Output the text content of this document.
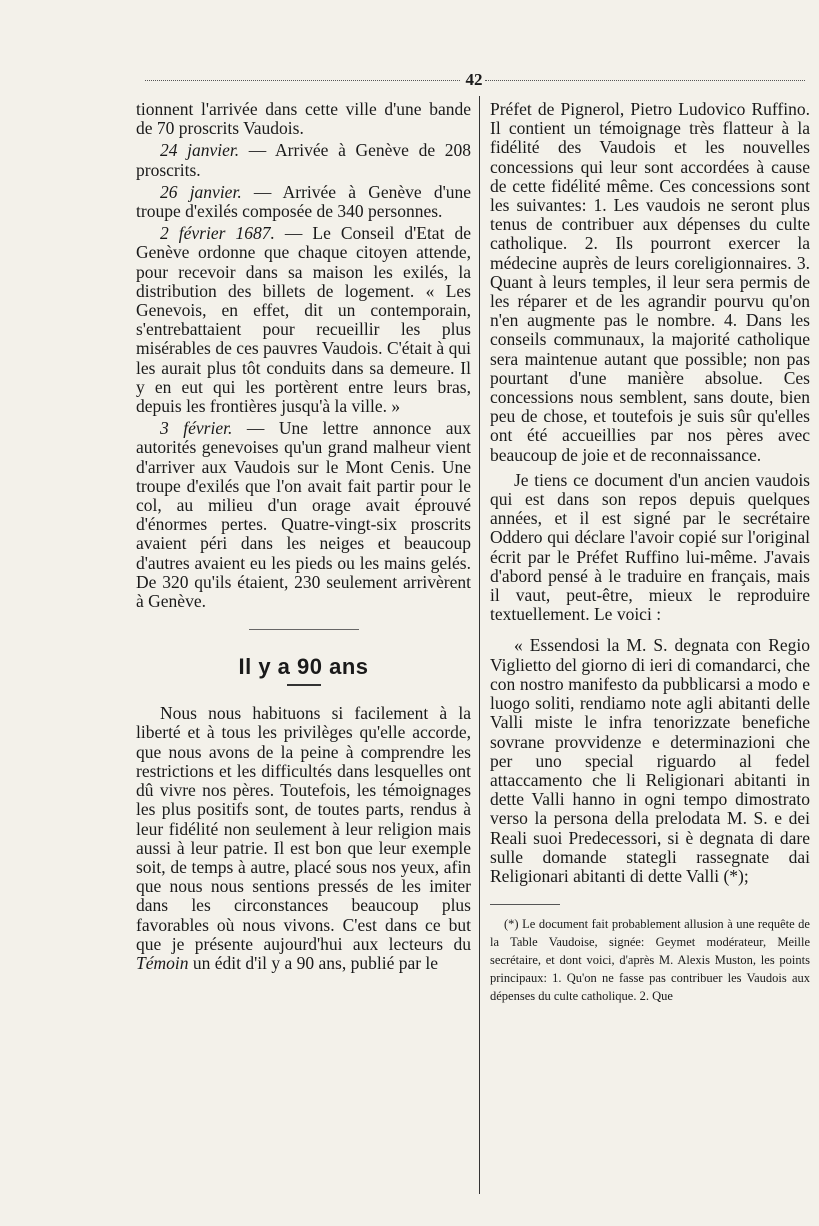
42

tionnent l'arrivée dans cette ville d'une bande de 70 proscrits Vaudois.

24 janvier. — Arrivée à Genève de 208 proscrits.

26 janvier. — Arrivée à Genève d'une troupe d'exilés composée de 340 personnes.

2 février 1687. — Le Conseil d'Etat de Genève ordonne que chaque citoyen attende, pour recevoir dans sa maison les exilés, la distribution des billets de logement. « Les Genevois, en effet, dit un contemporain, s'entrebattaient pour recueillir les plus misérables de ces pauvres Vaudois. C'était à qui les aurait plus tôt conduits dans sa demeure. Il y en eut qui les portèrent entre leurs bras, depuis les frontières jusqu'à la ville. »

3 février. — Une lettre annonce aux autorités genevoises qu'un grand malheur vient d'arriver aux Vaudois sur le Mont Cenis. Une troupe d'exilés que l'on avait fait partir pour le col, au milieu d'un orage avait éprouvé d'énormes pertes. Quatre-vingt-six proscrits avaient péri dans les neiges et beaucoup d'autres avaient eu les pieds ou les mains gelés. De 320 qu'ils étaient, 230 seulement arrivèrent à Genève.

Il y a 90 ans

Nous nous habituons si facilement à la liberté et à tous les privilèges qu'elle accorde, que nous avons de la peine à comprendre les restrictions et les difficultés dans lesquelles ont dû vivre nos pères. Toutefois, les témoignages les plus positifs sont, de toutes parts, rendus à leur fidélité non seulement à leur religion mais aussi à leur patrie. Il est bon que leur exemple soit, de temps à autre, placé sous nos yeux, afin que nous nous sentions pressés de les imiter dans les circonstances beaucoup plus favorables où nous vivons. C'est dans ce but que je présente aujourd'hui aux lecteurs du Témoin un édit d'il y a 90 ans, publié par le

Préfet de Pignerol, Pietro Ludovico Ruffino. Il contient un témoignage très flatteur à la fidélité des Vaudois et les nouvelles concessions qui leur sont accordées à cause de cette fidélité même. Ces concessions sont les suivantes: 1. Les vaudois ne seront plus tenus de contribuer aux dépenses du culte catholique. 2. Ils pourront exercer la médecine auprès de leurs coreligionnaires. 3. Quant à leurs temples, il leur sera permis de les réparer et de les agrandir pourvu qu'on n'en augmente pas le nombre. 4. Dans les conseils communaux, la majorité catholique sera maintenue autant que possible; non pas pourtant d'une manière absolue. Ces concessions nous semblent, sans doute, bien peu de chose, et toutefois je suis sûr qu'elles ont été accueillies par nos pères avec beaucoup de joie et de reconnaissance.

Je tiens ce document d'un ancien vaudois qui est dans son repos depuis quelques années, et il est signé par le secrétaire Oddero qui déclare l'avoir copié sur l'original écrit par le Préfet Ruffino lui-même. J'avais d'abord pensé à le traduire en français, mais il vaut, peut-être, mieux le reproduire textuellement. Le voici :

« Essendosi la M. S. degnata con Regio Viglietto del giorno di ieri di comandarci, che con nostro manifesto da pubblicarsi a modo e luogo soliti, rendiamo note agli abitanti delle Valli miste le infra tenorizzate benefiche sovrane provvidenze e determinazioni che per uno special riguardo al fedel attaccamento che li Religionari abitanti in dette Valli hanno in ogni tempo dimostrato verso la persona della prelodata M. S. e dei Reali suoi Predecessori, si è degnata di dare sulle domande stategli rassegnate dai Religionari abitanti di dette Valli (*);

(*) Le document fait probablement allusion à une requête de la Table Vaudoise, signée: Geymet modérateur, Meille secrétaire, et dont voici, d'après M. Alexis Muston, les points principaux: 1. Qu'on ne fasse pas contribuer les Vaudois aux dépenses du culte catholique. 2. Que
